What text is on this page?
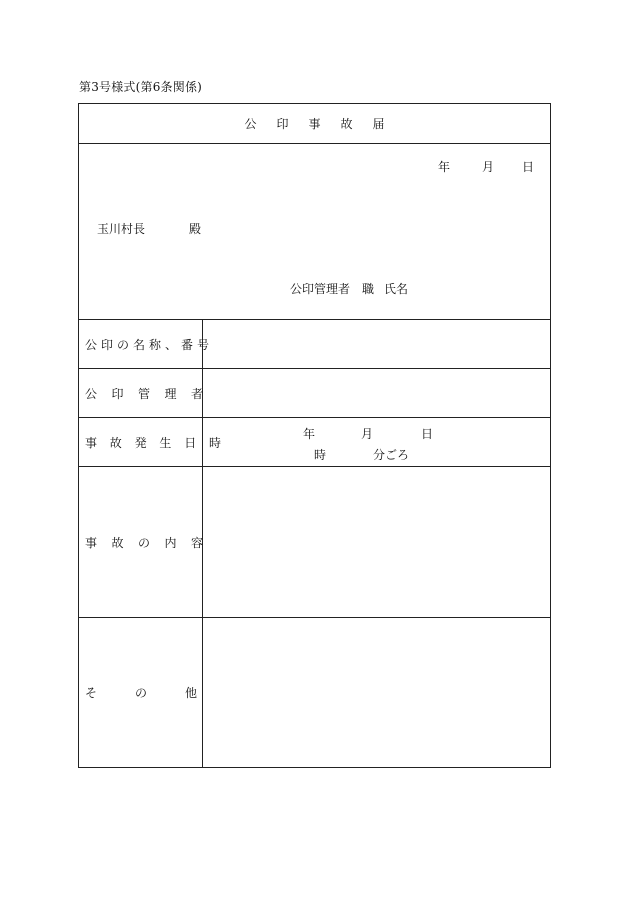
第3号様式(第6条関係)
公印事故届
年	月 日
玉川村長	殿
公印管理者 職 氏名
公印の名称、番号
公印管理者
事故発生日時
年	月	日
時	分ごろ
事故の内容
そ	の	他
